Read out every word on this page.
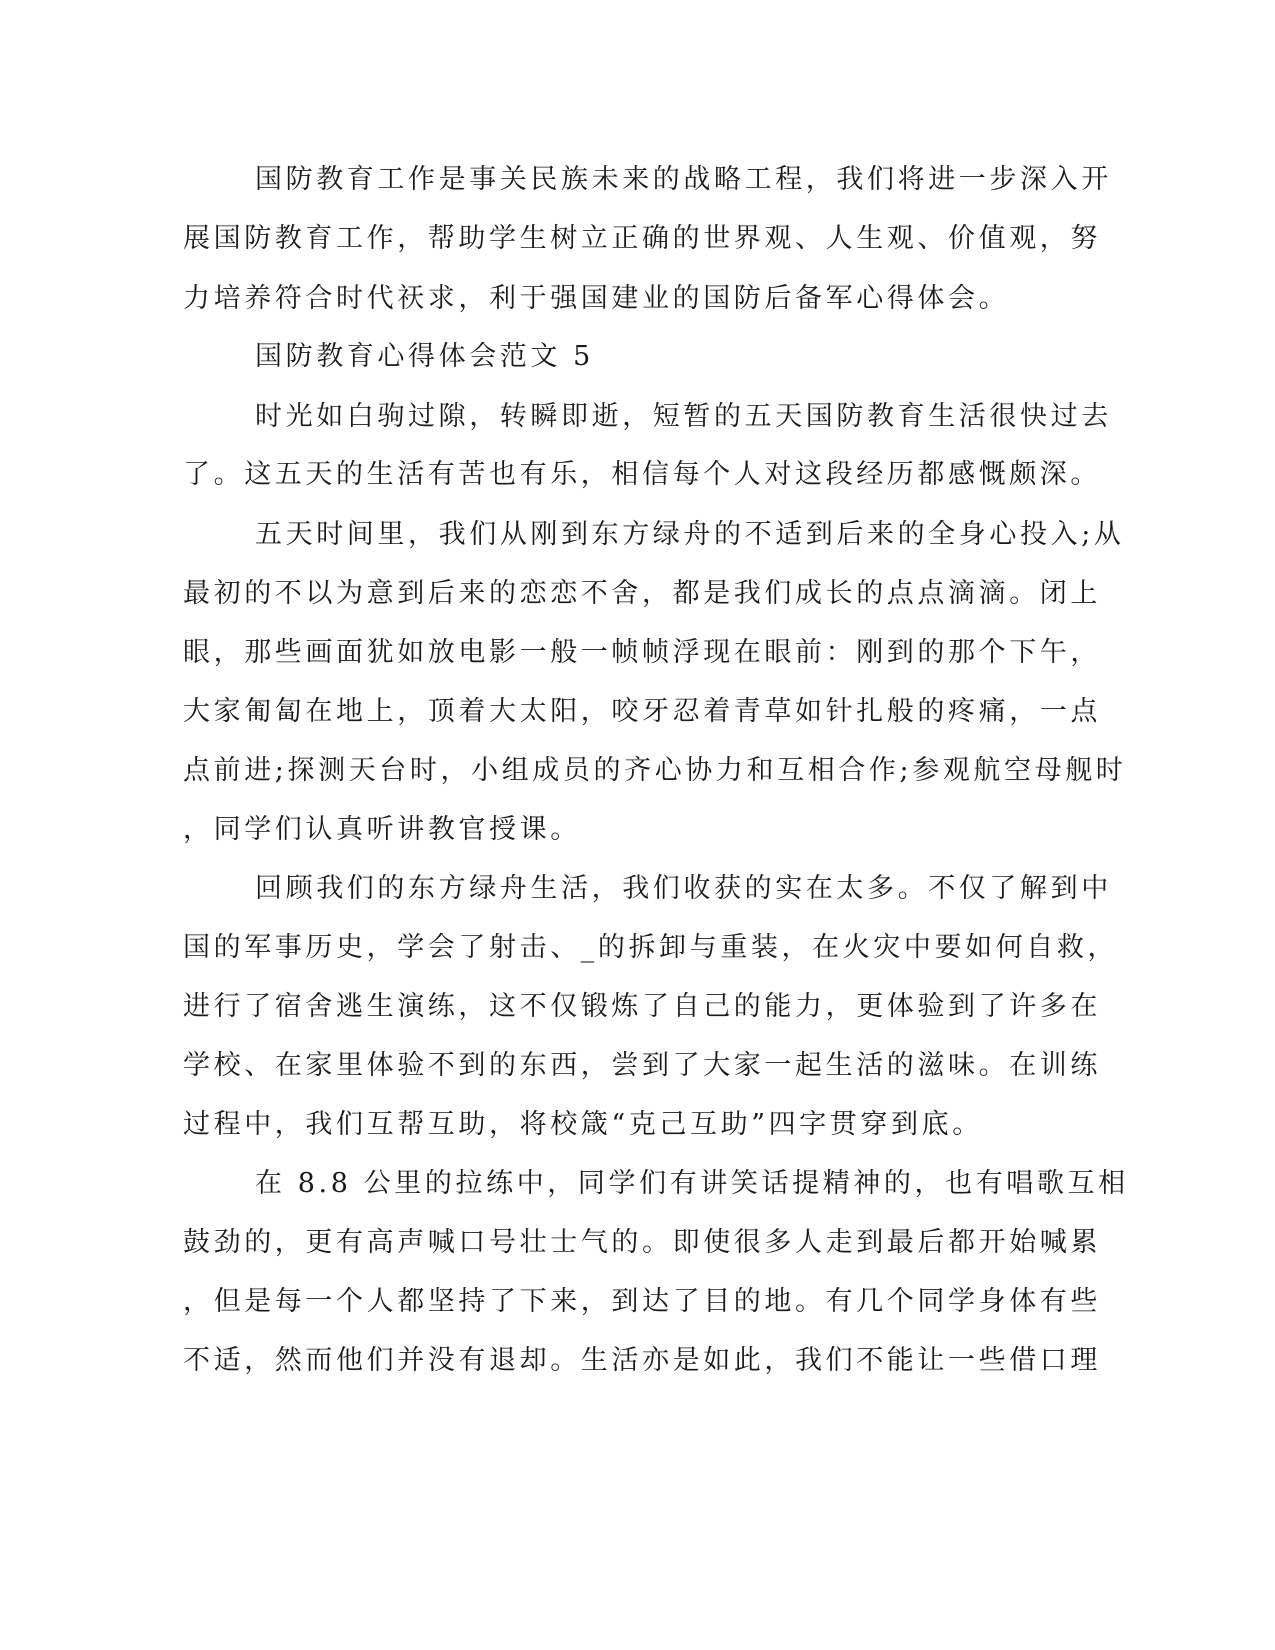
国防教育工作是事关民族未来的战略工程，我们将进一步深入开
展国防教育工作，帮助学生树立正确的世界观、人生观、价值观，努
力培养符合时代祆求，利于强国建业的国防后备军心得体会。
国防教育心得体会范文 5
时光如白驹过隙，转瞬即逝，短暂的五天国防教育生活很快过去
了。这五天的生活有苦也有乐，相信每个人对这段经历都感慨颇深。
五天时间里，我们从刚到东方绿舟的不适到后来的全身心投入;从
最初的不以为意到后来的恋恋不舍，都是我们成长的点点滴滴。闭上
眼，那些画面犹如放电影一般一帧帧浮现在眼前：刚到的那个下午，
大家匍匐在地上，顶着大太阳，咬牙忍着青草如针扎般的疼痛，一点
点前进;探测天台时，小组成员的齐心协力和互相合作;参观航空母舰时
，同学们认真听讲教官授课。
回顾我们的东方绿舟生活，我们收获的实在太多。不仅了解到中
国的军事历史，学会了射击、_的拆卸与重装，在火灾中要如何自救，
进行了宿舍逃生演练，这不仅锻炼了自己的能力，更体验到了许多在
学校、在家里体验不到的东西，尝到了大家一起生活的滋味。在训练
过程中，我们互帮互助，将校箴“克己互助”四字贯穿到底。
在 8.8 公里的拉练中，同学们有讲笑话提精神的，也有唱歌互相
鼓劲的，更有高声喊口号壮士气的。即使很多人走到最后都开始喊累
，但是每一个人都坚持了下来，到达了目的地。有几个同学身体有些
不适，然而他们并没有退却。生活亦是如此，我们不能让一些借口理
